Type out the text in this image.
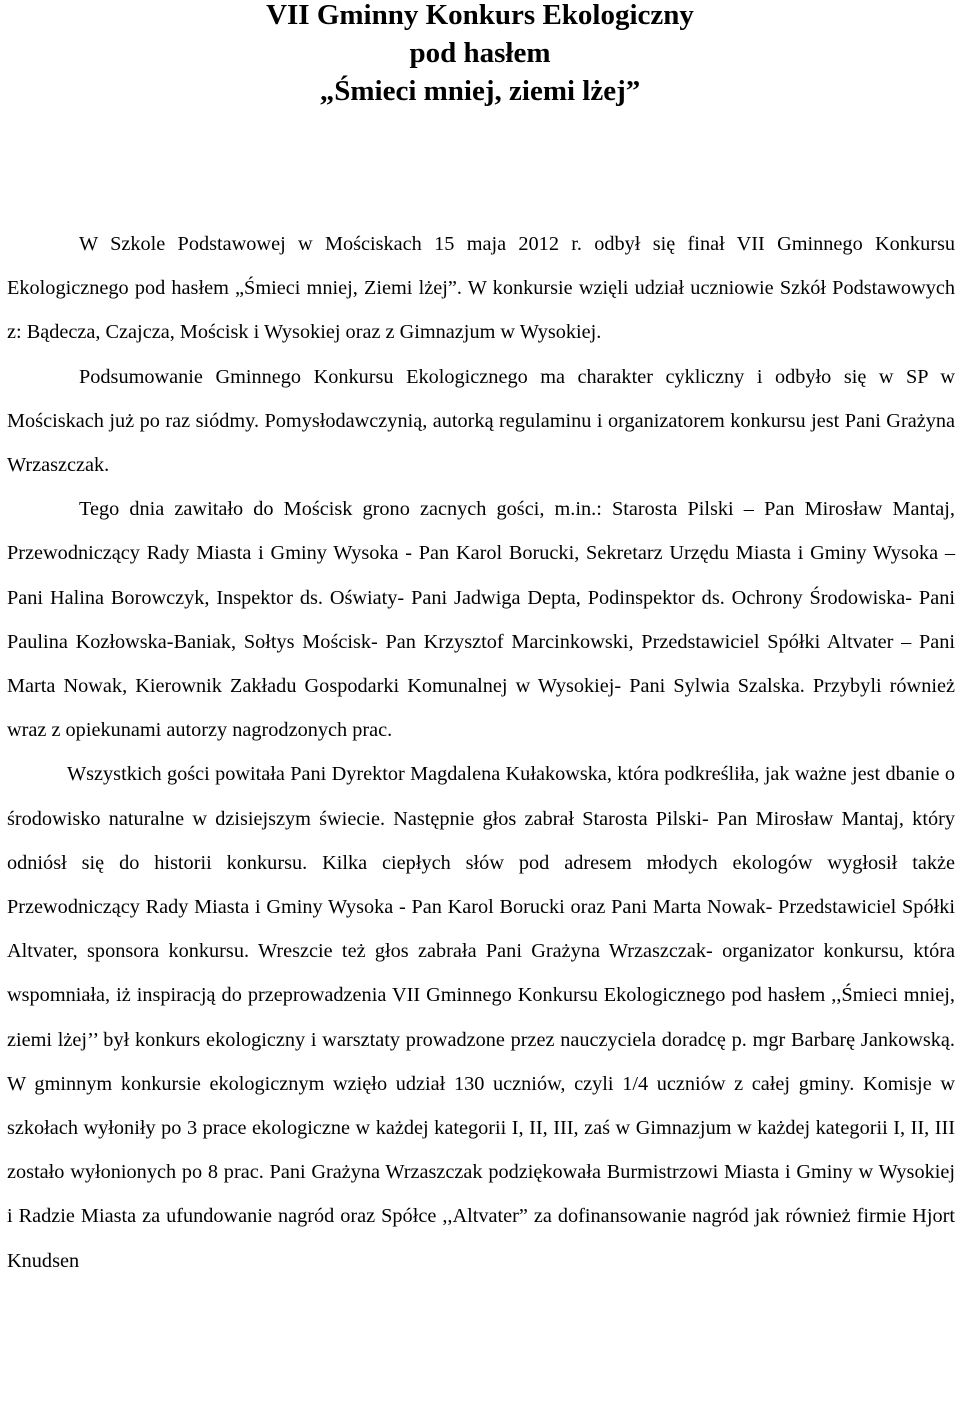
VII Gminny Konkurs Ekologiczny
pod hasłem
„Śmieci mniej, ziemi lżej”

W Szkole Podstawowej w Mościskach 15 maja 2012 r. odbył się finał VII Gminnego Konkursu Ekologicznego pod hasłem „Śmieci mniej, Ziemi lżej”. W konkursie wzięli udział uczniowie Szkół Podstawowych z: Bądecza, Czajcza, Mościsk i Wysokiej oraz z Gimnazjum w Wysokiej.

Podsumowanie Gminnego Konkursu Ekologicznego ma charakter cykliczny i odbyło się w SP w Mościskach już po raz siódmy. Pomysłodawczynią, autorką regulaminu i organizatorem konkursu jest Pani Grażyna Wrzaszczak.

Tego dnia zawitało do Mościsk grono zacnych gości, m.in.: Starosta Pilski – Pan Mirosław Mantaj, Przewodniczący Rady Miasta i Gminy Wysoka - Pan Karol Borucki, Sekretarz Urzędu Miasta i Gminy Wysoka – Pani Halina Borowczyk, Inspektor ds. Oświaty- Pani Jadwiga Depta, Podinspektor ds. Ochrony Środowiska- Pani Paulina Kozłowska-Baniak, Sołtys Mościsk- Pan Krzysztof Marcinkowski, Przedstawiciel Spółki Altvater – Pani Marta Nowak, Kierownik Zakładu Gospodarki Komunalnej w Wysokiej- Pani Sylwia Szalska. Przybyli również wraz z opiekunami autorzy nagrodzonych prac.

Wszystkich gości powitała Pani Dyrektor Magdalena Kułakowska, która podkreśliła, jak ważne jest dbanie o środowisko naturalne w dzisiejszym świecie. Następnie głos zabrał Starosta Pilski- Pan Mirosław Mantaj, który odniósł się do historii konkursu. Kilka ciepłych słów pod adresem młodych ekologów wygłosił także Przewodniczący Rady Miasta i Gminy Wysoka - Pan Karol Borucki oraz Pani Marta Nowak- Przedstawiciel Spółki Altvater, sponsora konkursu. Wreszcie też głos zabrała Pani Grażyna Wrzaszczak- organizator konkursu, która wspomniała, iż inspiracją do przeprowadzenia VII Gminnego Konkursu Ekologicznego pod hasłem ,,Śmieci mniej, ziemi lżej’’ był konkurs ekologiczny i warsztaty prowadzone przez nauczyciela doradcę p. mgr Barbarę Jankowską. W gminnym konkursie ekologicznym wzięło udział 130 uczniów, czyli 1/4 uczniów z całej gminy. Komisje w szkołach wyłoniły po 3 prace ekologiczne w każdej kategorii I, II, III, zaś w Gimnazjum w każdej kategorii I, II, III zostało wyłonionych po 8 prac. Pani Grażyna Wrzaszczak podziękowała Burmistrzowi Miasta i Gminy w Wysokiej i Radzie Miasta za ufundowanie nagród oraz Spółce ,,Altvater” za dofinansowanie nagród jak również firmie Hjort Knudsen
